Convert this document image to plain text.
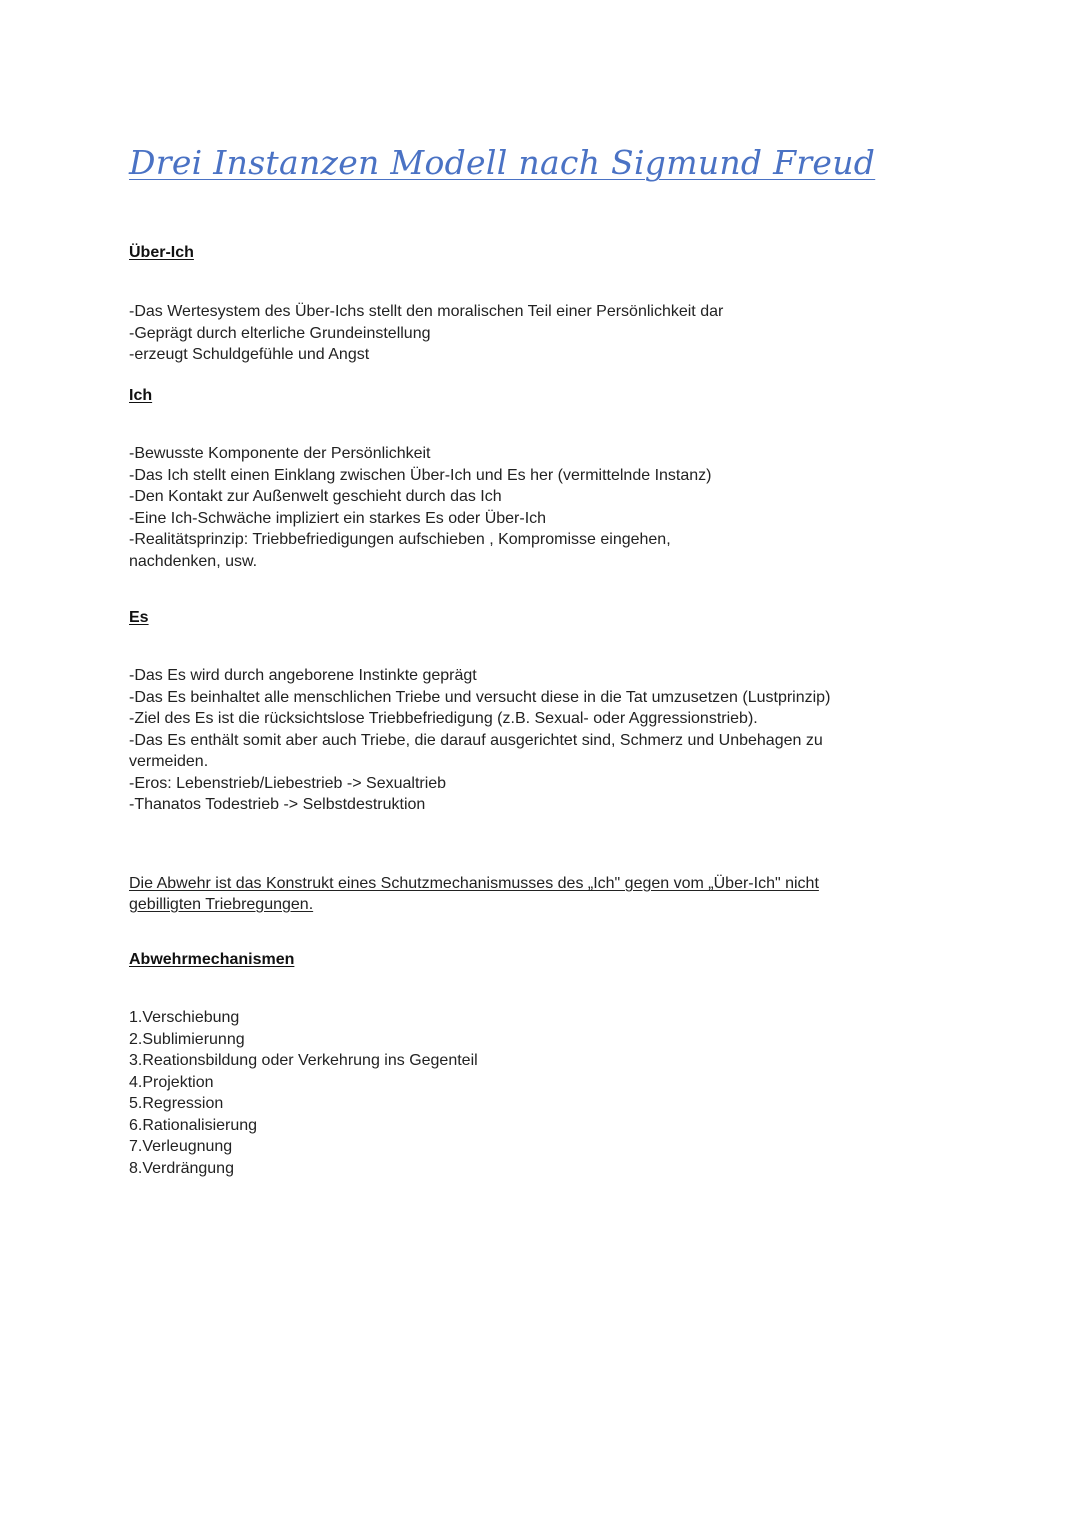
Drei Instanzen Modell nach Sigmund Freud
Über-Ich
-Das Wertesystem des Über-Ichs stellt den moralischen Teil einer Persönlichkeit dar
-Geprägt durch elterliche Grundeinstellung
-erzeugt Schuldgefühle und Angst
Ich
-Bewusste Komponente der Persönlichkeit
-Das Ich stellt einen Einklang zwischen Über-Ich und Es her (vermittelnde Instanz)
-Den Kontakt zur Außenwelt geschieht durch das Ich
-Eine Ich-Schwäche impliziert ein starkes Es oder Über-Ich
-Realitätsprinzip: Triebbefriedigungen aufschieben , Kompromisse eingehen,
nachdenken, usw.
Es
-Das Es wird durch angeborene Instinkte geprägt
-Das Es beinhaltet alle menschlichen Triebe und versucht diese in die Tat umzusetzen (Lustprinzip)
-Ziel des Es ist die rücksichtslose Triebbefriedigung (z.B. Sexual- oder Aggressionstrieb).
-Das Es enthält somit aber auch Triebe, die darauf ausgerichtet sind, Schmerz und Unbehagen zu
vermeiden.
-Eros: Lebenstrieb/Liebestrieb -> Sexualtrieb
-Thanatos Todestrieb -> Selbstdestruktion
Die Abwehr ist das Konstrukt eines Schutzmechanismusses des „Ich" gegen vom „Über-Ich" nicht
gebilligten Triebregungen.
Abwehrmechanismen
1.Verschiebung
2.Sublimierunng
3.Reationsbildung oder Verkehrung ins Gegenteil
4.Projektion
5.Regression
6.Rationalisierung
7.Verleugnung
8.Verdrängung
